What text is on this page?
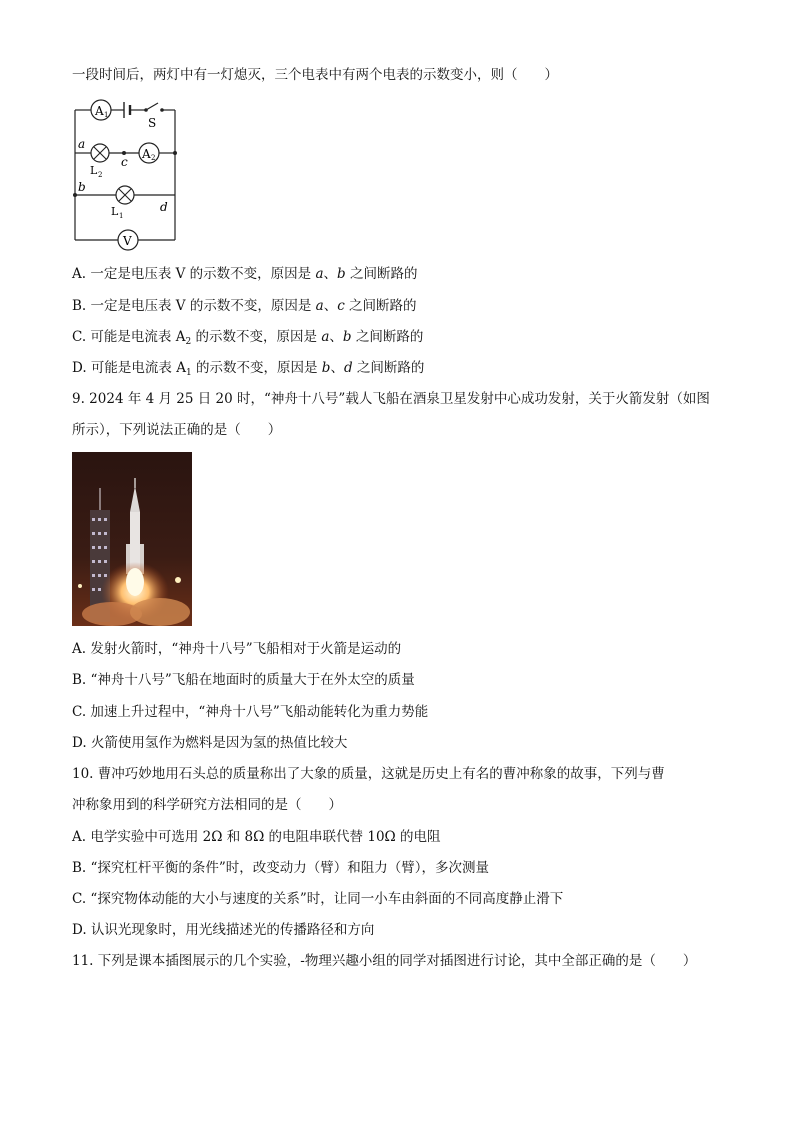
一段时间后，两灯中有一灯熄灭，三个电表中有两个电表的示数变小，则（　　）
A 1
S
a
L 2
c
A 2
b
L 1
d
V
A. 一定是电压表 V 的示数不变，原因是 a、b 之间断路的
B. 一定是电压表 V 的示数不变，原因是 a、c 之间断路的
C. 可能是电流表 $A_2$ 的示数不变，原因是 a、b 之间断路的
D. 可能是电流表 $A_1$ 的示数不变，原因是 b、d 之间断路的
9. 2024 年 4 月 25 日 20 时，“神舟十八号”载人飞船在酒泉卫星发射中心成功发射，关于火箭发射（如图
所示），下列说法正确的是（　　）
A. 发射火箭时，“神舟十八号”飞船相对于火箭是运动的
B. “神舟十八号”飞船在地面时的质量大于在外太空的质量
C. 加速上升过程中，“神舟十八号”飞船动能转化为重力势能
D. 火箭使用氢作为燃料是因为氢的热值比较大
10. 曹冲巧妙地用石头总的质量称出了大象的质量，这就是历史上有名的曹冲称象的故事，下列与曹
冲称象用到的科学研究方法相同的是（　　）
A. 电学实验中可选用 2Ω 和 8Ω 的电阻串联代替 10Ω 的电阻
B. “探究杠杆平衡的条件”时，改变动力（臂）和阻力（臂），多次测量
C. “探究物体动能的大小与速度的关系”时，让同一小车由斜面的不同高度静止滑下
D. 认识光现象时，用光线描述光的传播路径和方向
11. 下列是课本插图展示的几个实验，-物理兴趣小组的同学对插图进行讨论，其中全部正确的是（　　）
